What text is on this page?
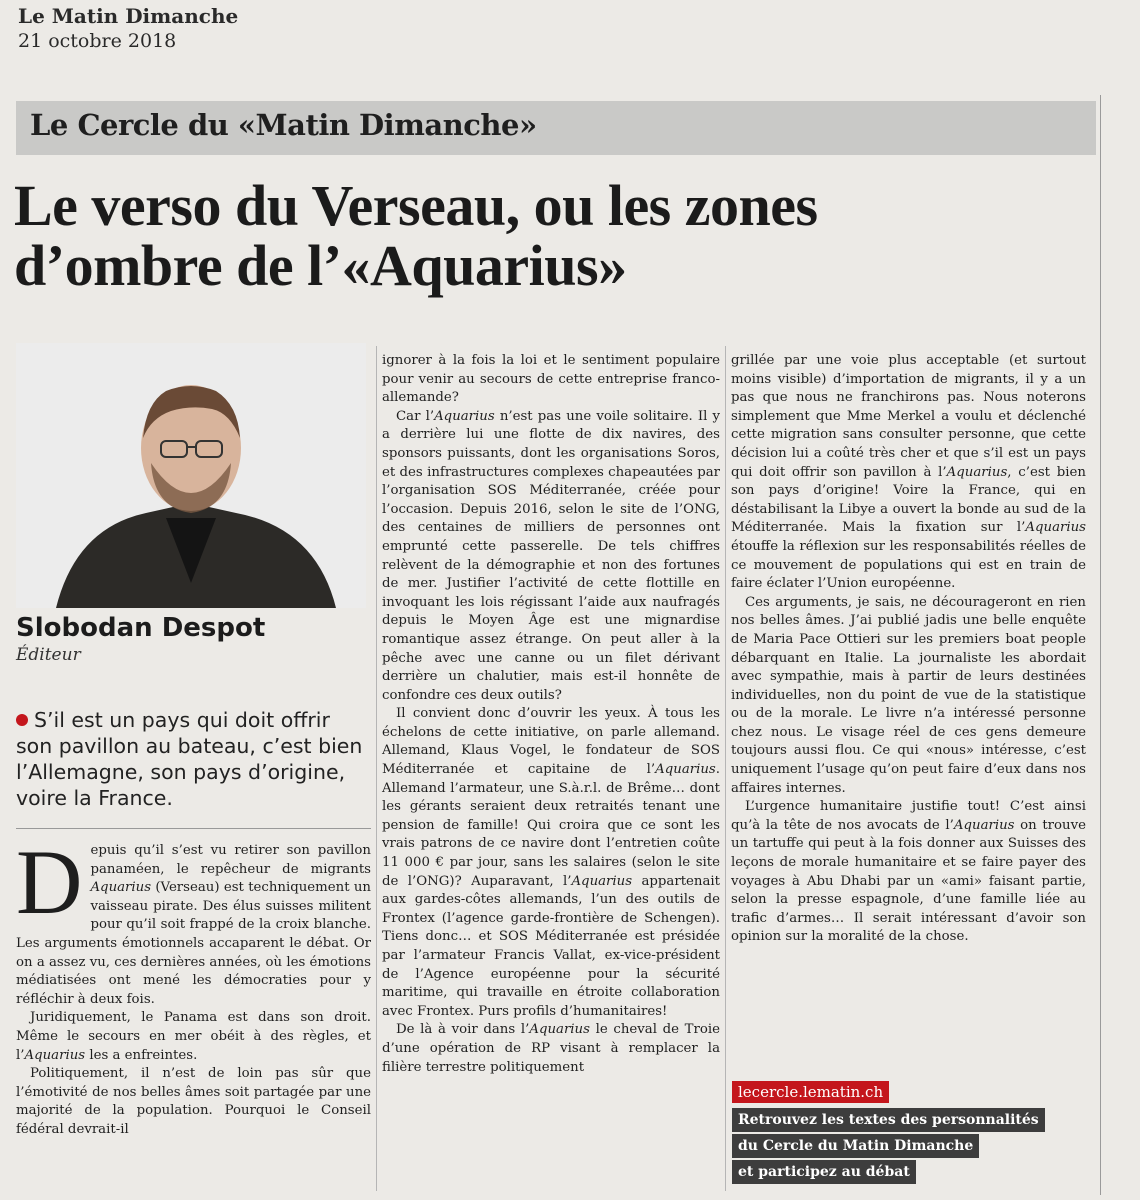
Le Matin Dimanche
21 octobre 2018
Le Cercle du «Matin Dimanche»
Le verso du Verseau, ou les zones
d’ombre de l’«Aquarius»
Slobodan Despot
Éditeur
S’il est un pays qui doit offrir son pavillon au bateau, c’est bien l’Allemagne, son pays d’origine, voire la France.

Depuis qu’il s’est vu retirer son pavillon panaméen, le repêcheur de migrants Aquarius (Verseau) est techniquement un vaisseau pirate. Des élus suisses militent pour qu’il soit frappé de la croix blanche. Les arguments émotionnels accaparent le débat. Or on a assez vu, ces dernières années, où les émotions médiatisées ont mené les démocraties pour y réfléchir à deux fois.

Juridiquement, le Panama est dans son droit. Même le secours en mer obéit à des règles, et l’Aquarius les a enfreintes.

Politiquement, il n’est de loin pas sûr que l’émotivité de nos belles âmes soit partagée par une majorité de la population. Pourquoi le Conseil fédéral devrait-il

ignorer à la fois la loi et le sentiment populaire pour venir au secours de cette entreprise franco-allemande?

Car l’Aquarius n’est pas une voile solitaire. Il y a derrière lui une flotte de dix navires, des sponsors puissants, dont les organisations Soros, et des infrastructures complexes chapeautées par l’organisation SOS Méditerranée, créée pour l’occasion. Depuis 2016, selon le site de l’ONG, des centaines de milliers de personnes ont emprunté cette passerelle. De tels chiffres relèvent de la démographie et non des fortunes de mer. Justifier l’activité de cette flottille en invoquant les lois régissant l’aide aux naufragés depuis le Moyen Âge est une mignardise romantique assez étrange. On peut aller à la pêche avec une canne ou un filet dérivant derrière un chalutier, mais est-il honnête de confondre ces deux outils?

Il convient donc d’ouvrir les yeux. À tous les échelons de cette initiative, on parle allemand. Allemand, Klaus Vogel, le fondateur de SOS Méditerranée et capitaine de l’Aquarius. Allemand l’armateur, une S.à.r.l. de Brême… dont les gérants seraient deux retraités tenant une pension de famille! Qui croira que ce sont les vrais patrons de ce navire dont l’entretien coûte 11 000 € par jour, sans les salaires (selon le site de l’ONG)? Auparavant, l’Aquarius appartenait aux gardes-côtes allemands, l’un des outils de Frontex (l’agence garde-frontière de Schengen). Tiens donc… et SOS Méditerranée est présidée par l’armateur Francis Vallat, ex-vice-président de l’Agence européenne pour la sécurité maritime, qui travaille en étroite collaboration avec Frontex. Purs profils d’humanitaires!

De là à voir dans l’Aquarius le cheval de Troie d’une opération de RP visant à remplacer la filière terrestre politiquement

grillée par une voie plus acceptable (et surtout moins visible) d’importation de migrants, il y a un pas que nous ne franchirons pas. Nous noterons simplement que Mme Merkel a voulu et déclenché cette migration sans consulter personne, que cette décision lui a coûté très cher et que s’il est un pays qui doit offrir son pavillon à l’Aquarius, c’est bien son pays d’origine! Voire la France, qui en déstabilisant la Libye a ouvert la bonde au sud de la Méditerranée. Mais la fixation sur l’Aquarius étouffe la réflexion sur les responsabilités réelles de ce mouvement de populations qui est en train de faire éclater l’Union européenne.

Ces arguments, je sais, ne décourageront en rien nos belles âmes. J’ai publié jadis une belle enquête de Maria Pace Ottieri sur les premiers boat people débarquant en Italie. La journaliste les abordait avec sympathie, mais à partir de leurs destinées individuelles, non du point de vue de la statistique ou de la morale. Le livre n’a intéressé personne chez nous. Le visage réel de ces gens demeure toujours aussi flou. Ce qui «nous» intéresse, c’est uniquement l’usage qu’on peut faire d’eux dans nos affaires internes.

L’urgence humanitaire justifie tout! C’est ainsi qu’à la tête de nos avocats de l’Aquarius on trouve un tartuffe qui peut à la fois donner aux Suisses des leçons de morale humanitaire et se faire payer des voyages à Abu Dhabi par un «ami» faisant partie, selon la presse espagnole, d’une famille liée au trafic d’armes… Il serait intéressant d’avoir son opinion sur la moralité de la chose.

lecercle.lematin.ch
Retrouvez les textes des personnalités
du Cercle du Matin Dimanche
et participez au débat
